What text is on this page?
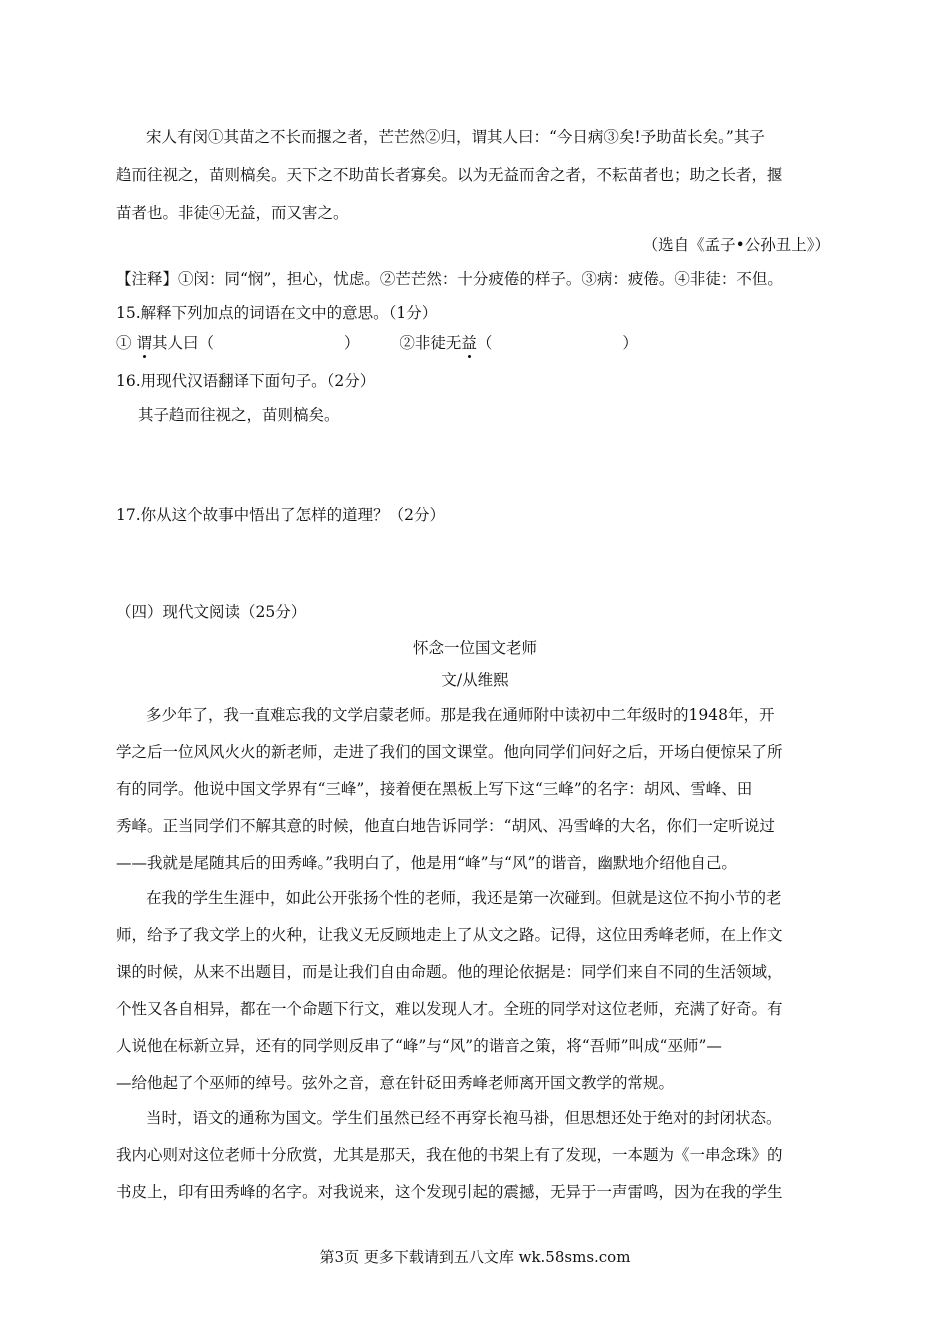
宋人有闵①其苗之不长而揠之者，芒芒然②归，谓其人曰：“今日病③矣!予助苗长矣。”其子
趋而往视之，苗则槁矣。天下之不助苗长者寡矣。以为无益而舍之者，不耘苗者也；助之长者，揠
苗者也。非徒④无益，而又害之。
（选自《孟子•公孙丑上》）
【注释】①闵：同“悯”，担心，忧虑。②芒芒然：十分疲倦的样子。③病：疲倦。④非徒：不但。
15.解释下列加点的词语在文中的意思。（1分）
① 谓其人曰（	）	②非徒无益（	）
16.用现代汉语翻译下面句子。（2分）
其子趋而往视之，苗则槁矣。
17.你从这个故事中悟出了怎样的道理？（2分）
（四）现代文阅读（25分）
怀念一位国文老师
文/从维熙
多少年了，我一直难忘我的文学启蒙老师。那是我在通师附中读初中二年级时的1948年，开
学之后一位风风火火的新老师，走进了我们的国文课堂。他向同学们问好之后，开场白便惊呆了所
有的同学。他说中国文学界有“三峰”，接着便在黑板上写下这“三峰”的名字：胡风、雪峰、田
秀峰。正当同学们不解其意的时候，他直白地告诉同学：“胡风、冯雪峰的大名，你们一定听说过
——我就是尾随其后的田秀峰。”我明白了，他是用“峰”与“风”的谐音，幽默地介绍他自己。
在我的学生生涯中，如此公开张扬个性的老师，我还是第一次碰到。但就是这位不拘小节的老
师，给予了我文学上的火种，让我义无反顾地走上了从文之路。记得，这位田秀峰老师，在上作文
课的时候，从来不出题目，而是让我们自由命题。他的理论依据是：同学们来自不同的生活领域，
个性又各自相异，都在一个命题下行文，难以发现人才。全班的同学对这位老师，充满了好奇。有
人说他在标新立异，还有的同学则反串了“峰”与“风”的谐音之策，将“吾师”叫成“巫师”—
—给他起了个巫师的绰号。弦外之音，意在针砭田秀峰老师离开国文教学的常规。
当时，语文的通称为国文。学生们虽然已经不再穿长袍马褂，但思想还处于绝对的封闭状态。
我内心则对这位老师十分欣赏，尤其是那天，我在他的书架上有了发现，一本题为《一串念珠》的
书皮上，印有田秀峰的名字。对我说来，这个发现引起的震撼，无异于一声雷鸣，因为在我的学生
第3页 更多下载请到五八文库 wk.58sms.com
